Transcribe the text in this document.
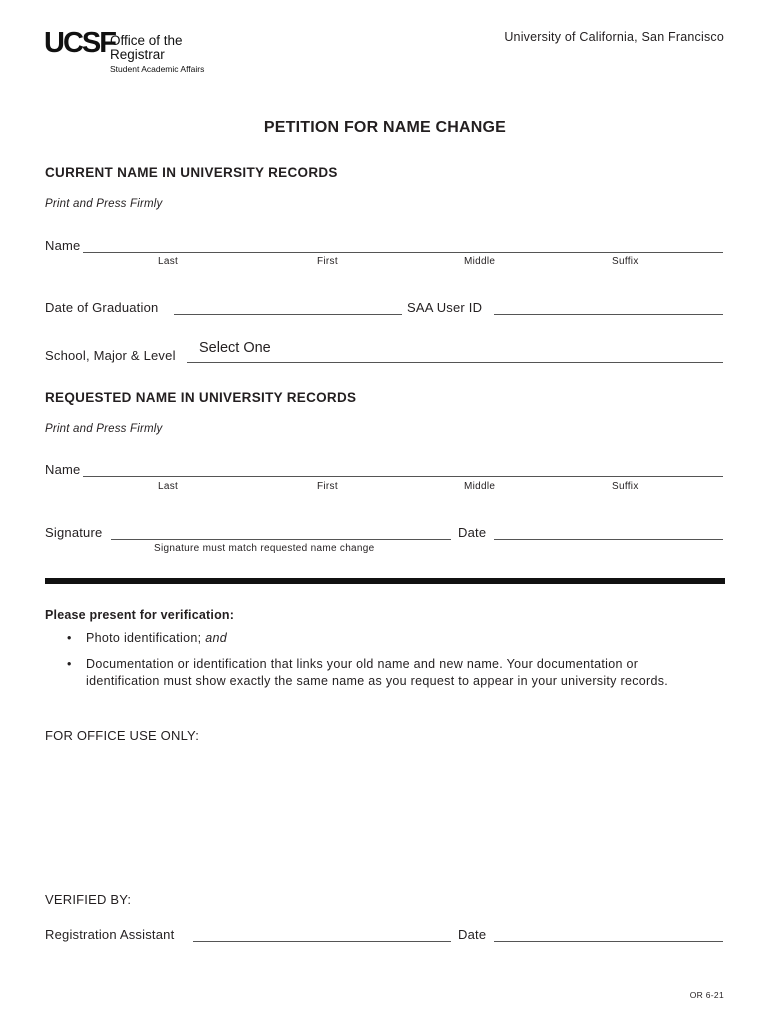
UCSF
Office of the
Registrar
Student Academic Affairs
University of California, San Francisco
PETITION FOR NAME CHANGE
CURRENT NAME IN UNIVERSITY RECORDS
Print and Press Firmly
Name
Last	First	Middle	Suffix
Date of Graduation	SAA User ID
School, Major & Level Select One
REQUESTED NAME IN UNIVERSITY RECORDS
Print and Press Firmly
Name
Last	First	Middle	Suffix
Signature
Signature must match requested name change
Date
Please present for verification:
• Photo identification; and
• Documentation or identification that links your old name and new name. Your documentation or identification must show exactly the same name as you request to appear in your university records.
FOR OFFICE USE ONLY:
VERIFIED BY:
Registration Assistant	Date
OR 6-21
